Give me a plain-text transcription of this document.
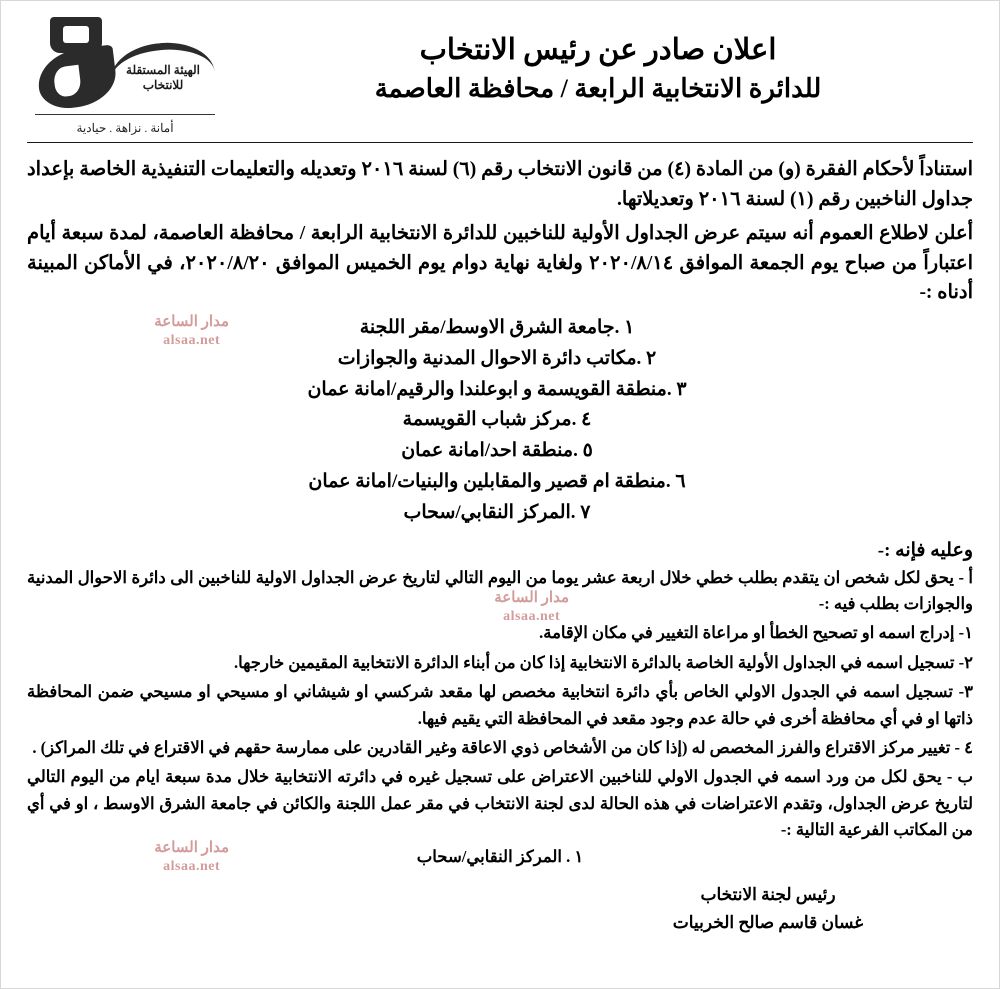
الهيئة المستقلة للانتخاب
أمانة . نزاهة . حيادية
اعلان صادر عن رئيس الانتخاب
للدائرة الانتخابية الرابعة / محافظة العاصمة
استناداً لأحكام الفقرة (و) من المادة (٤) من قانون الانتخاب رقم (٦) لسنة ٢٠١٦ وتعديله والتعليمات التنفيذية الخاصة بإعداد جداول الناخبين رقم (١) لسنة ٢٠١٦ وتعديلاتها.
أعلن لاطلاع العموم أنه سيتم عرض الجداول الأولية للناخبين للدائرة الانتخابية الرابعة / محافظة العاصمة، لمدة سبعة أيام اعتباراً من صباح يوم الجمعة الموافق ٢٠٢٠/٨/١٤ ولغاية نهاية دوام يوم الخميس الموافق ٢٠٢٠/٨/٢٠، في الأماكن المبينة أدناه :-
١ .جامعة الشرق الاوسط/مقر اللجنة
٢ .مكاتب دائرة الاحوال المدنية والجوازات
٣ .منطقة القويسمة و ابوعلندا والرقيم/امانة عمان
٤ .مركز شباب القويسمة
٥ .منطقة احد/امانة عمان
٦ .منطقة ام قصير والمقابلين والبنيات/امانة عمان
٧ .المركز النقابي/سحاب
وعليه فإنه :-
أ - يحق لكل شخص ان يتقدم بطلب خطي خلال اربعة عشر يوما من اليوم التالي لتاريخ عرض الجداول الاولية للناخبين الى دائرة الاحوال المدنية والجوازات بطلب فيه :-
١- إدراج اسمه او تصحيح الخطأ او مراعاة التغيير في مكان الإقامة.
٢- تسجيل اسمه في الجداول الأولية الخاصة بالدائرة الانتخابية إذا كان من أبناء الدائرة الانتخابية المقيمين خارجها.
٣- تسجيل اسمه في الجدول الاولي الخاص بأي دائرة انتخابية مخصص لها مقعد شركسي او شيشاني او مسيحي او مسيحي ضمن المحافظة ذاتها او في أي محافظة أخرى في حالة عدم وجود مقعد في المحافظة التي يقيم فيها.
٤ - تغيير مركز الاقتراع والفرز المخصص له (إذا كان من الأشخاص ذوي الاعاقة وغير القادرين على ممارسة حقهم في الاقتراع في تلك المراكز) .
ب - يحق لكل من ورد اسمه في الجدول الاولي للناخبين الاعتراض على تسجيل غيره في دائرته الانتخابية خلال مدة سبعة ايام من اليوم التالي لتاريخ عرض الجداول، وتقدم الاعتراضات في هذه الحالة لدى لجنة الانتخاب في مقر عمل اللجنة والكائن في جامعة الشرق الاوسط ، او في أي من المكاتب الفرعية التالية :-
١ . المركز النقابي/سحاب
رئيس لجنة الانتخاب
غسان قاسم صالح الخربيات
مدار الساعة
alsaa.net
مدار الساعة
alsaa.net
مدار الساعة
alsaa.net
